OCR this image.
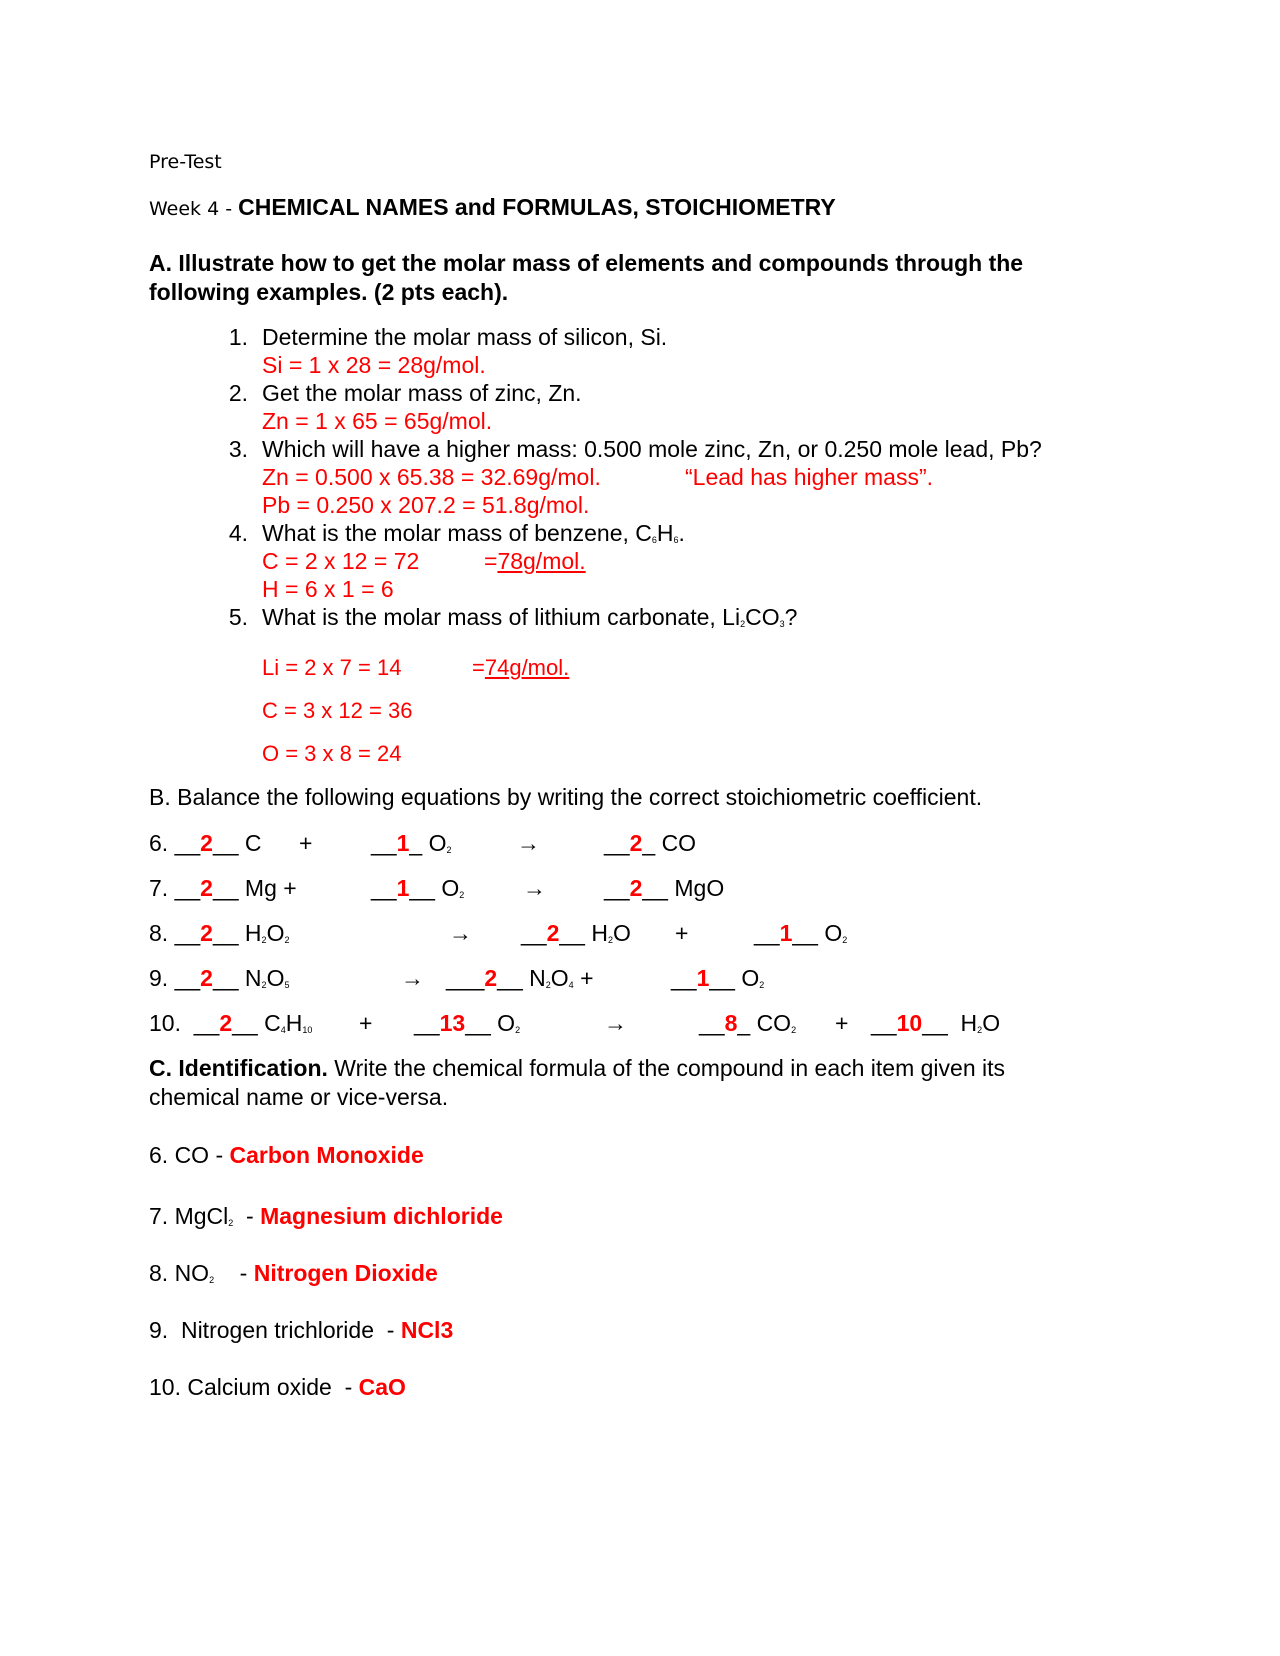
Pre-Test
Week 4 - CHEMICAL NAMES and FORMULAS, STOICHIOMETRY
A. Illustrate how to get the molar mass of elements and compounds through the
following examples. (2 pts each).
1. Determine the molar mass of silicon, Si.
Si = 1 x 28 = 28g/mol.
2. Get the molar mass of zinc, Zn.
Zn = 1 x 65 = 65g/mol.
3. Which will have a higher mass: 0.500 mole zinc, Zn, or 0.250 mole lead, Pb?
Zn = 0.500 x 65.38 = 32.69g/mol.	“Lead has higher mass”.
Pb = 0.250 x 207.2 = 51.8g/mol.
4. What is the molar mass of benzene, $C_6H_6$.
C = 2 x 12 = 72	=78g/mol.
H = 6 x 1 = 6
5. What is the molar mass of lithium carbonate, $Li_2CO_3$?
Li = 2 x 7 = 14	=74g/mol.
C = 3 x 12 = 36
O = 3 x 8 = 24
B. Balance the following equations by writing the correct stoichiometric coefficient.
6. __2__ C +	__1_ $O_2$	→	__2_ CO
7. __2__ Mg +	__1__ $O_2$	→	__2__ MgO
8. __2__ $H_2O_2$	→ __2__ $H_2O$ +	__1__ $O_2$
9. __2__ $N_2O_5$	→ ___2__ $N_2O_4$ +	__1__ $O_2$
10.  __2__ $C_4H_{10}$ + __13__ $O_2$	→	__8_ $CO_2$ + __10__  $H_2O$
C. Identification. Write the chemical formula of the compound in each item given its
chemical name or vice-versa.
6. CO - Carbon Monoxide
7. MgCl$_2$  - Magnesium dichloride
8. $NO_2$    - Nitrogen Dioxide
9.  Nitrogen trichloride  - NCl3
10. Calcium oxide  - CaO
